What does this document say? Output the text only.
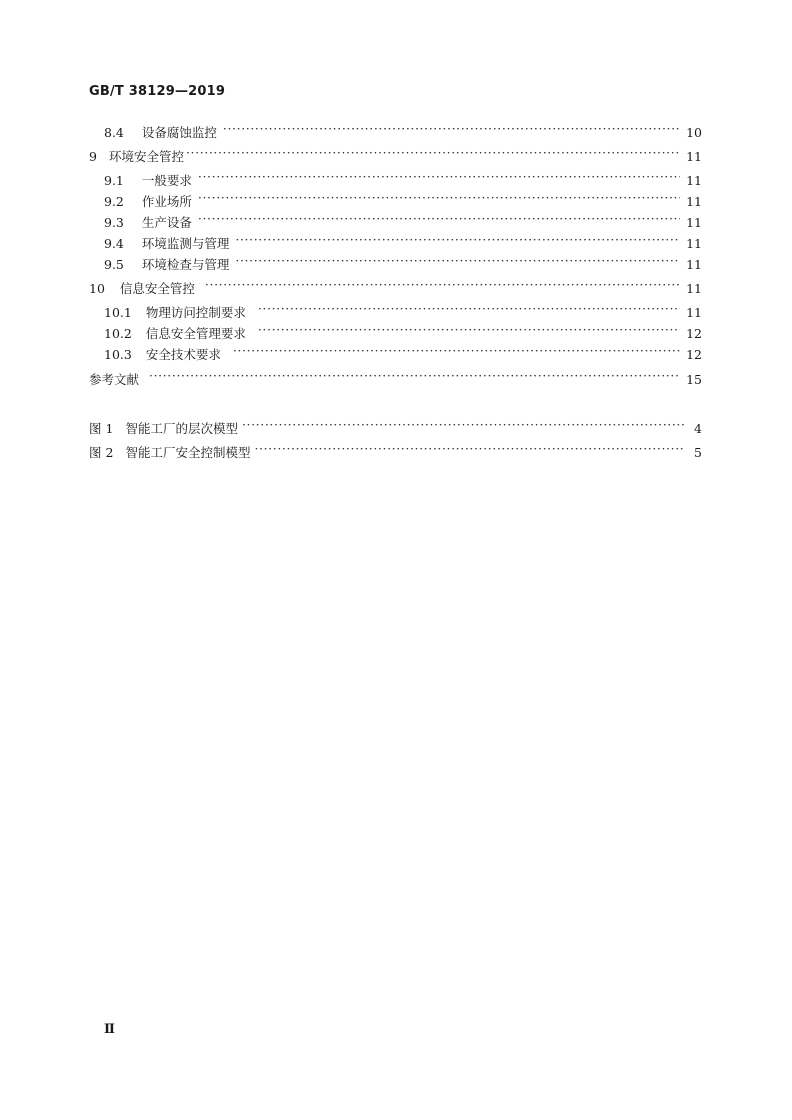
GB/T 38129—2019
8.4 设备腐蚀监控 ·····	10
9 环境安全管控 ·····	11
9.1 一般要求 ·····	11
9.2 作业场所 ·····	11
9.3 生产设备 ·····	11
9.4 环境监测与管理 ·····	11
9.5 环境检查与管理 ·····	11
10 信息安全管控 ·····	11
10.1 物理访问控制要求 ·····	11
10.2 信息安全管理要求 ·····	12
10.3 安全技术要求 ·····	12
参考文献 ·····	15
图 1 智能工厂的层次模型 ·····	4
图 2 智能工厂安全控制模型 ·····	5
Ⅱ
